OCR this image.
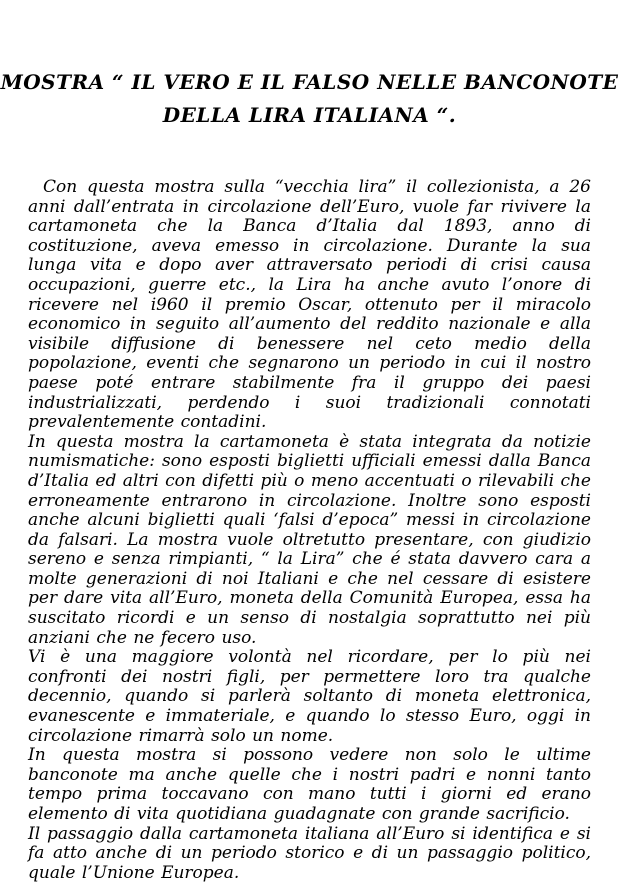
MOSTRA “ IL VERO E IL FALSO NELLE BANCONOTE
DELLA LIRA ITALIANA “.

Con questa mostra sulla “vecchia lira” il collezionista, a 26 anni dall’entrata in circolazione dell’Euro, vuole far rivivere la cartamoneta che la Banca d’Italia dal 1893, anno di costituzione, aveva emesso in circolazione. Durante la sua lunga vita e dopo aver attraversato periodi di crisi causa occupazioni, guerre etc., la Lira ha anche avuto l’onore di ricevere nel i960 il premio Oscar, ottenuto per il miracolo economico in seguito all’aumento del reddito nazionale e alla visibile diffusione di benessere nel ceto medio della popolazione, eventi che segnarono un periodo in cui il nostro paese poté entrare stabilmente fra il gruppo dei paesi industrializzati, perdendo i suoi tradizionali connotati prevalentemente contadini.

In questa mostra la cartamoneta è stata integrata da notizie numismatiche: sono esposti biglietti ufficiali emessi dalla Banca d’Italia ed altri con difetti più o meno accentuati o rilevabili che erroneamente entrarono in circolazione. Inoltre sono esposti anche alcuni biglietti quali ‘falsi d’epoca” messi in circolazione da falsari. La mostra vuole oltretutto presentare, con giudizio sereno e senza rimpianti, “ la Lira” che é stata davvero cara a molte generazioni di noi Italiani e che nel cessare di esistere per dare vita all’Euro, moneta della Comunità Europea, essa ha suscitato ricordi e un senso di nostalgia soprattutto nei più anziani che ne fecero uso.

Vi è una maggiore volontà nel ricordare, per lo più nei confronti dei nostri figli, per permettere loro tra qualche decennio, quando si parlerà soltanto di moneta elettronica, evanescente e immateriale, e quando lo stesso Euro, oggi in circolazione rimarrà solo un nome.

In questa mostra si possono vedere non solo le ultime banconote ma anche quelle che i nostri padri e nonni tanto tempo prima toccavano con mano tutti i giorni ed erano elemento di vita quotidiana guadagnate con grande sacrificio.

Il passaggio dalla cartamoneta italiana all’Euro si identifica e si fa atto anche di un periodo storico e di un passaggio politico, quale l’Unione Europea.
